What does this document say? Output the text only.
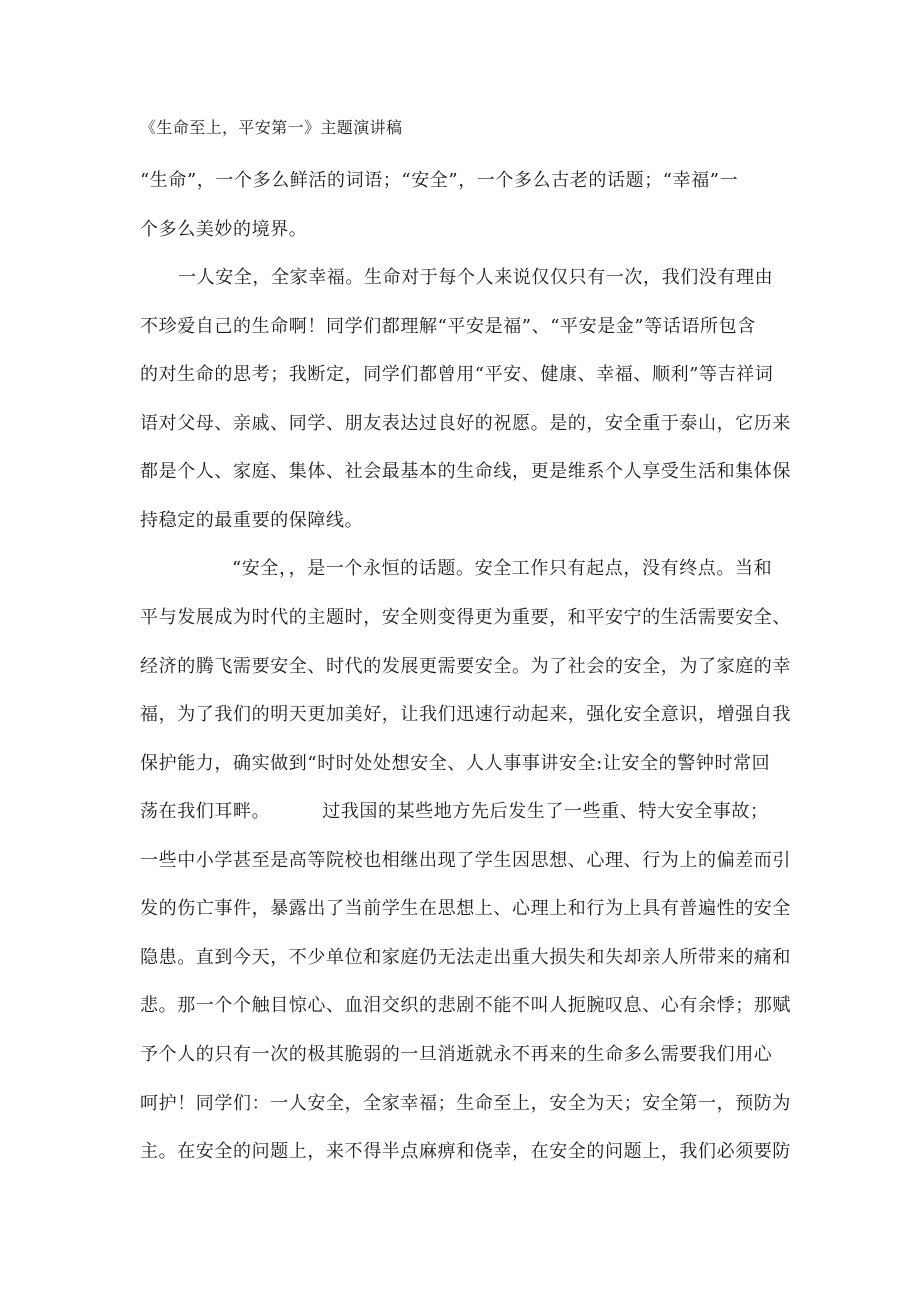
《生命至上，平安第一》主题演讲稿

“生命”，一个多么鲜活的词语；“安全”，一个多么古老的话题；“幸福”一

个多么美妙的境界。

一人安全，全家幸福。生命对于每个人来说仅仅只有一次，我们没有理由

不珍爱自己的生命啊！同学们都理解“平安是福”、“平安是金”等话语所包含

的对生命的思考；我断定，同学们都曾用“平安、健康、幸福、顺利”等吉祥词

语对父母、亲戚、同学、朋友表达过良好的祝愿。是的，安全重于泰山，它历来

都是个人、家庭、集体、社会最基本的生命线，更是维系个人享受生活和集体保

持稳定的最重要的保障线。

“安全，，是一个永恒的话题。安全工作只有起点，没有终点。当和

平与发展成为时代的主题时，安全则变得更为重要，和平安宁的生活需要安全、

经济的腾飞需要安全、时代的发展更需要安全。为了社会的安全，为了家庭的幸

福，为了我们的明天更加美好，让我们迅速行动起来，强化安全意识，增强自我

保护能力，确实做到“时时处处想安全、人人事事讲安全:让安全的警钟时常回

荡在我们耳畔。	过我国的某些地方先后发生了一些重、特大安全事故；

一些中小学甚至是高等院校也相继出现了学生因思想、心理、行为上的偏差而引

发的伤亡事件，暴露出了当前学生在思想上、心理上和行为上具有普遍性的安全

隐患。直到今天，不少单位和家庭仍无法走出重大损失和失却亲人所带来的痛和

悲。那一个个触目惊心、血泪交织的悲剧不能不叫人扼腕叹息、心有余悸；那赋

予个人的只有一次的极其脆弱的一旦消逝就永不再来的生命多么需要我们用心

呵护！同学们：一人安全，全家幸福；生命至上，安全为天；安全第一，预防为

主。在安全的问题上，来不得半点麻痹和侥幸，在安全的问题上，我们必须要防
